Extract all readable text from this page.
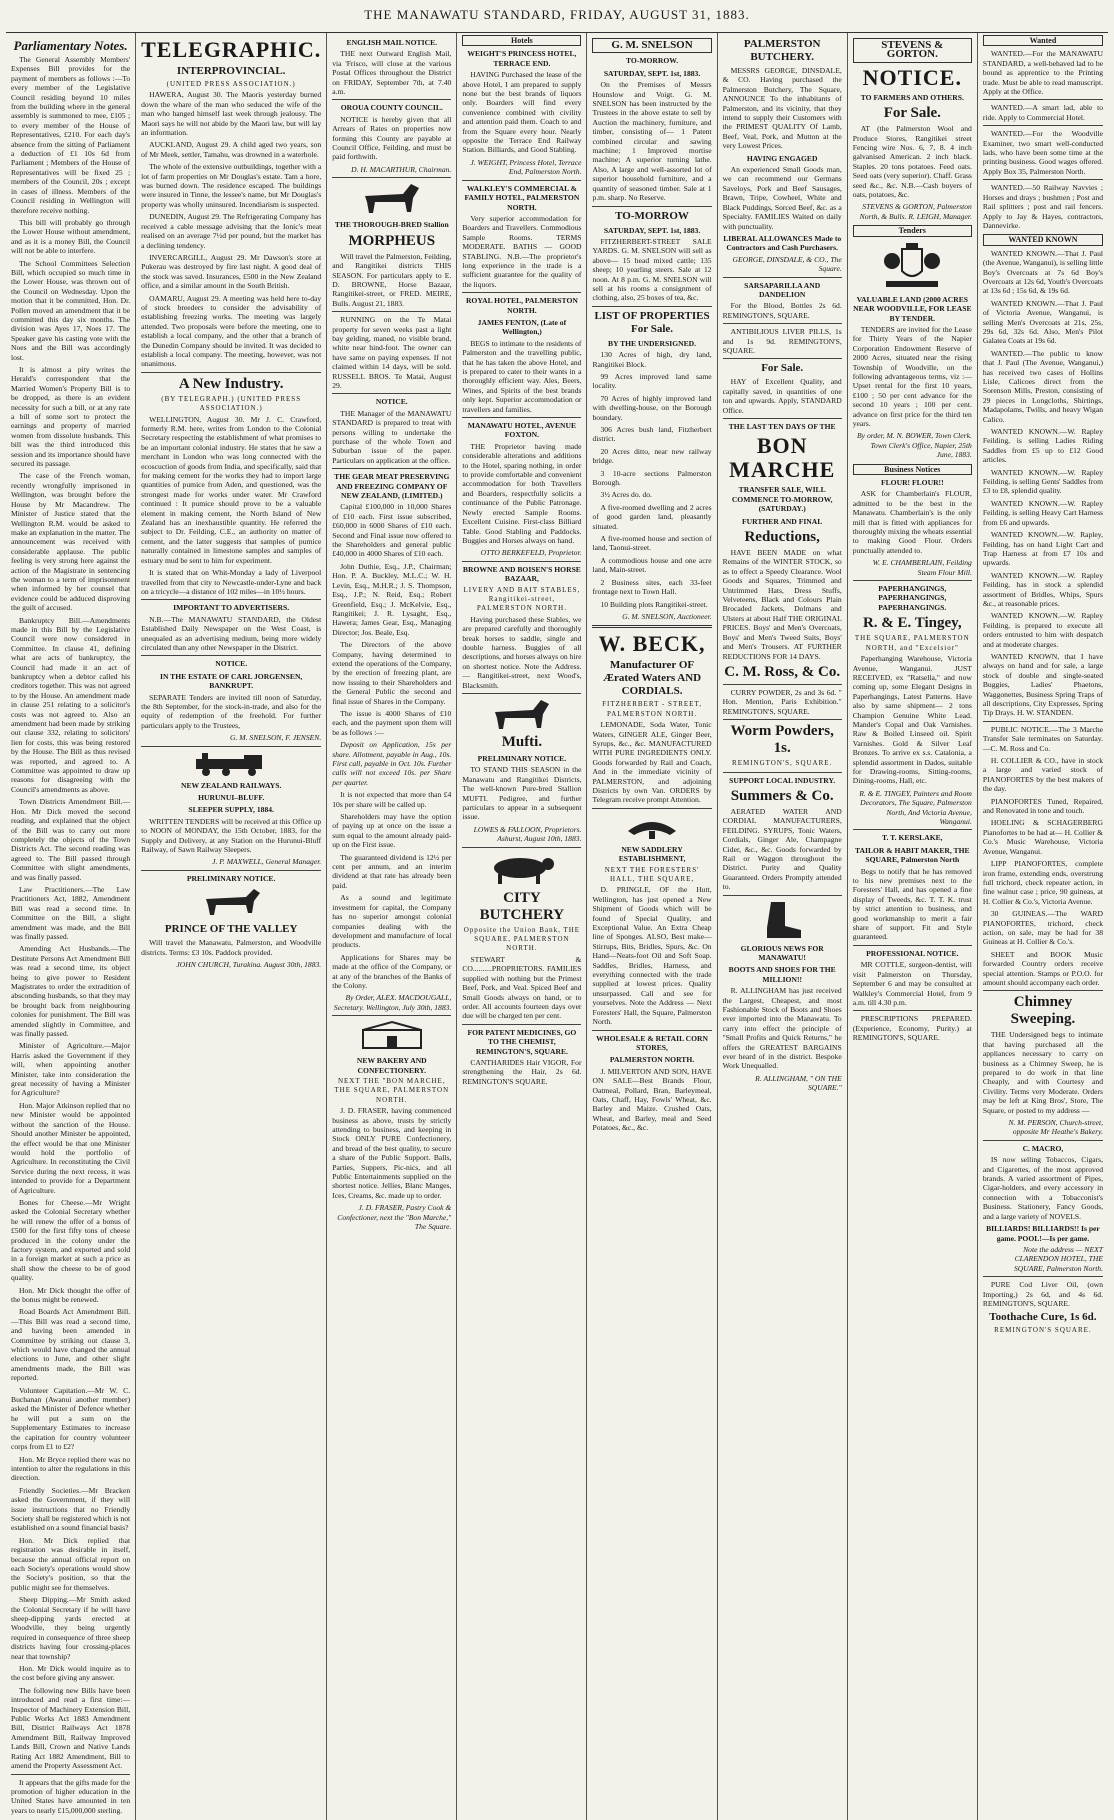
THE MANAWATU STANDARD, FRIDAY, AUGUST 31, 1883.
Parliamentary Notes.

The General Assembly Members' Expenses Bill provides for the payment of members as follows :—To every member of the Legislative Council residing beyond 10 miles from the building where in the general assembly is summoned to mee, £105 ; to every member of the House of Representatives, £210. For each day's absence from the sitting of Parliament a deduction of £1 10s 6d from Parliament ; Members of the House of Representatives will be fixed 25 ; members of the Council, 20s ; except in cases of illness. Members of the Council residing in Wellington will therefore receive nothing.

This bill will probably go through the Lower House without amendment, and as it is a money Bill, the Council will not be able to interfere.

The School Committees Selection Bill, which occupied so much time in the Lower House, was thrown out of the Council on Wednesday. Upon the motion that it be committed, Hon. Dr. Pollen moved an amendment that it be committed this day six months. The division was Ayes 17, Noes 17. The Speaker gave his casting vote with the Noes and the Bill was accordingly lost.

It is almost a pity writes the Herald's correspondent that the Married Women's Property Bill is to be dropped, as there is an evident necessity for such a bill, or at any rate a bill of some sort to protect the earnings and property of married women from dissolute husbands. This bill was the third introduced this session and its importance should have secured its passage.

The case of the French woman, recently wrongfully imprisoned in Wellington, was brought before the House by Mr Macandrew. The Minister of Justice stated that the Wellington R.M. would be asked to make an explanation in the matter. The announcement was received with considerable applause. The public feeling is very strong here against the action of the Magistrate in sentencing the woman to a term of imprisonment when informed by her counsel that evidence could be adduced disproving the guilt of accused.

Bankruptcy Bill.—Amendments made in this Bill by the Legislative Council were now considered in Committee. In clause 41, defining what are acts of bankruptcy, the Council had made it an act of bankruptcy when a debtor called his creditors together. This was not agreed to by the House. An amendment made in clause 251 relating to a solicitor's costs was not agreed to. Also an amendment had been made by striking out clause 332, relating to solicitors' lien for costs, this was being restored by the House. The Bill as thus revised was reported, and agreed to. A Committee was appointed to draw up reasons for disagreeing with the Council's amendments as above.

Town Districts Amendment Bill.—Hon. Mr Dick moved the second reading, and explained that the object of the Bill was to carry out more completely the objects of the Town Districts Act. The second reading was agreed to. The Bill passed through Committee with slight amendments, and was finally passed.

Law Practitioners.—The Law Practitioners Act, 1882, Amendment Bill was read a second time. In Committee on the Bill, a slight amendment was made, and the Bill was finally passed.

Amending Act Husbands.—The Destitute Persons Act Amendment Bill was read a second time, its object being to give power to Resident Magistrates to order the extradition of absconding husbands, so that they may be brought back from neighbouring colonies for punishment. The Bill was amended slightly in Committee, and was finally passed.

Minister of Agriculture.—Major Harris asked the Government if they will, when appointing another Minister, take into consideration the great necessity of having a Minister for Agriculture?

Hon. Major Atkinson replied that no new Minister would be appointed without the sanction of the House. Should another Minister be appointed, the effect would be that one Minister would hold the portfolio of Agriculture. In reconstituting the Civil Service during the next recess, it was intended to provide for a Department of Agriculture.

Bones for Cheese.—Mr Wright asked the Colonial Secretary whether he will renew the offer of a bonus of £500 for the first fifty tons of cheese produced in the colony under the factory system, and exported and sold in a foreign market at such a price as shall show the cheese to be of good quality.

Hon. Mr Dick thought the offer of the bonus might be renewed.

Road Boards Act Amendment Bill.—This Bill was read a second time, and having been amended in Committee by striking out clause 3, which would have changed the annual elections to June, and other slight amendments made, the Bill was reported.

Volunteer Capitation.—Mr W. C. Buchanan (Awanui another member) asked the Minister of Defence whether he will put a sum on the Supplementary Estimates to increase the capitation for country volunteer corps from £1 to £2?

Hon. Mr Bryce replied there was no intention to alter the regulations in this direction.

Friendly Societies.—Mr Bracken asked the Government, if they will issue instructions that no Friendly Society shall be registered which is not established on a sound financial basis?

Hon. Mr Dick replied that registration was desirable in itself, because the annual official report on each Society's operations would show the Society's position, so that the public might see for themselves.

Sheep Dipping.—Mr Smith asked the Colonial Secretary if he will have sheep-dipping yards erected at Woodville, they being urgently required in consequence of three sheep districts having four crossing-places near that township?

Hon. Mr Dick would inquire as to the cost before giving any answer.

The following new Bills have been introduced and read a first time:—Inspector of Machinery Extension Bill, Public Works Act 1883 Amendment Bill, District Railways Act 1878 Amendment Bill, Railway Improved Lands Bill, Crown and Native Lands Rating Act 1882 Amendment, Bill to amend the Property Assessment Act.

It appears that the gifts made for the promotion of higher education in the United States have amounted in ten years to nearly £15,000,000 sterling.

TELEGRAPHIC.
INTERPROVINCIAL.
(UNITED PRESS ASSOCIATION.)

HAWERA, August 30. The Maoris yesterday burned down the whare of the man who seduced the wife of the man who hanged himself last week through jealousy. The Maori says he will not abide by the Maori law, but will lay an information.

AUCKLAND, August 29. A child aged two years, son of Mr Meek, settler, Tamahu, was drowned in a waterhole.

The whole of the extensive outbuildings, together with a lot of farm properties on Mr Douglas's estate. Tam a hore, was burned down. The residence escaped. The buildings were insured in Tinne, the lessee's name, but Mr Douglas's property was wholly uninsured. Incendiarism is suspected.

DUNEDIN, August 29. The Refrigerating Company has received a cable message advising that the Ionic's meat realised on an average 7½d per pound, but the market has a declining tendency.

INVERCARGILL, August 29. Mr Dawson's store at Pukerau was destroyed by fire last night. A good deal of the stock was saved. Insurances, £500 in the New Zealand office, and a similar amount in the South British.

OAMARU, August 29. A meeting was held here to-day of stock breeders to consider the advisability of establishing freezing works. The meeting was largely attended. Two proposals were before the meeting, one to establish a local company, and the other that a branch of the Dunedin Company should be invited. It was decided to establish a local company. The meeting, however, was not unanimous.

A New Industry.
(BY TELEGRAPH.) (UNITED PRESS ASSOCIATION.)

WELLINGTON, August 30. Mr J. C. Crawford, formerly R.M. here, writes from London to the Colonial Secretary respecting the establishment of what promises to be an important colonial industry. He states that he saw a merchant in London who was long connected with the ecoscuction of goods from India, and specifically, said that for making cement for the works they had to import large quantities of pumice from Aden, and questioned, was the strongest made for works under water. Mr Crawford continued : It pumice should prove to be a valuable element in making cement, the North Island of New Zealand has an inexhaustible quantity. He referred the subject to Dr. Feilding, C.E., an authority on matter of cement, and the latter suggests that samples of pumice naturally contained in limestone samples and samples of estuary mud be sent to him for experiment.

It is stated that on Whit-Monday a lady of Liverpool travelled from that city to Newcastle-under-Lyne and back on a tricycle—a distance of 102 miles—in 10½ hours.

IMPORTANT TO ADVERTISERS.

N.B.—The MANAWATU STANDARD, the Oldest Established Daily Newspaper on the West Coast, is unequaled as an advertising medium, being more widely circulated than any other Newspaper in the District.

NOTICE.
IN THE ESTATE OF CARL JORGENSEN, BANKRUPT.

SEPARATE Tenders are invited till noon of Saturday, the 8th September, for the stock-in-trade, and also for the equity of redemption of the freehold. For further particulars apply to the Trustees,

G. M. SNELSON, F. JENSEN.
NEW ZEALAND RAILWAYS.
HURUNUI–BLUFF.
SLEEPER SUPPLY, 1884.

WRITTEN TENDERS will be received at this Office up to NOON of MONDAY, the 15th October, 1883, for the Supply and Delivery, at any Station on the Hurunui-Bluff Railway, of Sawn Railway Sleepers.

J. P. MAXWELL, General Manager.
PRELIMINARY NOTICE.
PRINCE OF THE VALLEY

Will travel the Manawatu, Palmerston, and Woodville districts. Terms: £3 10s. Paddock provided.

JOHN CHURCH, Turakina. August 30th, 1883.
ENGLISH MAIL NOTICE.

THE next Outward English Mail, via 'Frisco, will close at the various Postal Offices throughout the District on FRIDAY, September 7th, at 7.40 a.m.

OROUA COUNTY COUNCIL.

NOTICE is hereby given that all Arrears of Rates on properties now forming this County are payable at Council Office, Feilding, and must be paid forthwith.

D. H. MACARTHUR, Chairman.
THE THOROUGH-BRED Stallion
MORPHEUS

Will travel the Palmerston, Feilding, and Rangitikei districts THIS SEASON. For particulars apply to E. D. BROWNE, Horse Bazaar, Rangitikei-street, or FRED. MEIRE, Bulls. August 21, 1883.

RUNNING on the Te Matai property for seven weeks past a light bay gelding, maned, no visible brand, white near hind-foot. The owner can have same on paying expenses. If not claimed within 14 days, will be sold. RUSSELL BROS. Te Matai, August 29.

NOTICE.

THE Manager of the MANAWATU STANDARD is prepared to treat with persons willing to undertake the purchase of the whole Town and Suburban issue of the paper. Particulars on application at the office.

THE GEAR MEAT PRESERVING AND FREEZING COMPANY OF NEW ZEALAND, (LIMITED.)

Capital £100,000 in 10,000 Shares of £10 each. First issue subscribed, £60,000 in 6000 Shares of £10 each. Second and Final issue now offered to the Shareholders and general public £40,000 in 4000 Shares of £10 each.

John Duthie, Esq., J.P., Chairman; Hon. P. A. Buckley, M.L.C.; W. H. Levin, Esq., M.H.R.; J. S. Thompson, Esq., J.P.; N. Reid, Esq.; Robert Greenfield, Esq.; J. McKelvie, Esq., Rangitikei; J. R. Lysaght, Esq., Hawera; James Gear, Esq., Managing Director; Jos. Beale, Esq.

The Directors of the above Company, having determined to extend the operations of the Company, by the erection of freezing plant, are now issuing to their Shareholders and the General Public the second and final issue of Shares in the Company.

The issue is 4000 Shares of £10 each, and the payment upon them will be as follows :—

Deposit on Application, 15s per share. Allotment, payable in Aug., 10s. First call, payable in Oct. 10s. Further calls will not exceed 10s. per Share per quarter.

It is not expected that more than £4 10s per share will be called up.

Shareholders may have the option of paying up at once on the issue a sum equal to the amount already paid-up on the First issue.

The guaranteed dividend is 12½ per cent per annum, and an interim dividend at that rate has already been paid.

As a sound and legitimate investment for capital, the Company has no superior amongst colonial companies dealing with the development and manufacture of local products.

Applications for Shares may be made at the office of the Company, or at any of the branches of the Banks of the Colony.

By Order, ALEX. MACDOUGALL, Secretary. Wellington, July 30th, 1883.
NEW BAKERY AND CONFECTIONERY.
NEXT THE "BON MARCHE, THE SQUARE, PALMERSTON NORTH.

J. D. FRASER, having commenced business as above, trusts by strictly attending to business, and keeping in Stock ONLY PURE Confectionery, and bread of the best quality, to secure a share of the Public Support. Balls, Parties, Suppers, Pic-nics, and all Public Entertainments supplied on the shortest notice. Jellies, Blanc Manges, Ices, Creams, &c. made up to order.

J. D. FRASER, Pastry Cook & Confectioner, next the "Bon Marche," The Square.
Hotels
WEIGHT'S PRINCESS HOTEL, TERRACE END.

HAVING Purchased the lease of the above Hotel, I am prepared to supply none but the best brands of liquors only. Boarders will find every convenience combined with civility and attention paid them. Coach to and from the Square every hour. Nearly opposite the Terrace End Railway Station. Billiards, and Good Stabling.

J. WEIGHT, Princess Hotel, Terrace End, Palmerston North.
WALKLEY'S COMMERCIAL & FAMILY HOTEL, PALMERSTON NORTH.

Very superior accommodation for Boarders and Travellers. Commodious Sample Rooms. TERMS MODERATE. BATHS — GOOD STABLING. N.B.—The proprietor's long experience in the trade is a sufficient guarantee for the quality of the liquors.

ROYAL HOTEL, PALMERSTON NORTH.
JAMES FENTON, (Late of Wellington,)

BEGS to intimate to the residents of Palmerston and the travelling public, that he has taken the above Hotel, and is prepared to cater to their wants in a thoroughly efficient way. Ales, Beers, Wines, and Spirits of the best brands only kept. Superior accommodation or travellers and families.

MANAWATU HOTEL, AVENUE FOXTON.

THE Proprietor having made considerable alterations and additions to the Hotel, sparing nothing, in order to provide comfortable and convenient accommodation for both Travellers and Boarders, respectfully solicits a continuance of the Public Patronage. Newly erected Sample Rooms. Excellent Cuisine. First-class Billiard Table. Good Stabling and Paddocks. Buggies and Horses always on hand.

OTTO BERKEFELD, Proprietor.
BROWNE AND BOISEN'S HORSE BAZAAR,
LIVERY AND BAIT STABLES, Rangitikei-street, PALMERSTON NORTH.

Having purchased these Stables, we are prepared carefully and thoroughly break horses to saddle, single and double harness. Buggies of all descriptions, and horses always on hire on shortest notice. Note the Address.— Rangitikei-street, next Wood's, Blacksmith.

Mufti.
PRELIMINARY NOTICE.

TO STAND THIS SEASON in the Manawatu and Rangitikei Districts, The well-known Pure-bred Stallion MUFTI. Pedigree, and further particulars to appear in a subsequent issue.

LOWES & FALLOON, Proprietors. Ashurst, August 10th, 1883.
CITY BUTCHERY
Opposite the Union Bank, THE SQUARE, PALMERSTON NORTH.

STEWART & CO..........PROPRIETORS. FAMILIES supplied with nothing but the Primest Beef, Pork, and Veal. Spiced Beef and Small Goods always on hand, or to order. All accounts fourteen days over due will be charged ten per cent.

FOR PATENT MEDICINES, GO TO THE CHEMIST, REMINGTON'S, SQUARE.

CANTHARIDES Hair VIGOR, For strengthening the Hair, 2s 6d. REMINGTON'S SQUARE.

G. M. SNELSON
TO-MORROW.
SATURDAY, SEPT. 1st, 1883.

On the Premises of Messrs Hounslow and Voigt. G. M. SNELSON has been instructed by the Trustees in the above estate to sell by Auction the machinery, furniture, and timber, consisting of— 1 Patent combined circular and sawing machine; 1 Improved mortise machine; A superior turning lathe. Also, A large and well-assorted lot of superior household furniture, and a quantity of seasoned timber. Sale at 1 p.m. sharp. No Reserve.

TO-MORROW
SATURDAY, SEPT. 1st, 1883.

FITZHERBERT-STREET SALE YARDS. G. M. SNELSON will sell as above— 15 head mixed cattle; 135 sheep; 10 yearling steers. Sale at 12 noon. At 8 p.m. G. M. SNELSON will sell at his rooms a consignment of clothing, also, 25 boxes of tea, &c.

LIST OF PROPERTIES For Sale.
BY THE UNDERSIGNED.

130 Acres of high, dry land, Rangitikei Block.

99 Acres improved land same locality.

70 Acres of highly improved land with dwelling-house, on the Borough boundary.

306 Acres bush land, Fitzherbert district.

20 Acres ditto, near new railway bridge.

3 10-acre sections Palmerston Borough.

3½ Acres do. do.

A five-roomed dwelling and 2 acres of good garden land, pleasantly situated.

A five-roomed house and section of land, Taonui-street.

A commodious house and one acre land, Main-street.

2 Business sites, each 33-feet frontage next to Town Hall.

10 Building plots Rangitikei-street.

G. M. SNELSON, Auctioneer.
W. BECK,
Manufacturer OF Ærated Waters AND CORDIALS.
FITZHERBERT - STREET, PALMERSTON NORTH.

LEMONADE, Soda Water, Tonic Waters, GINGER ALE, Ginger Beer, Syrups, &c., &c. MANUFACTURED WITH PURE INGREDIENTS ONLY. Goods forwarded by Rail and Coach, And in the immediate vicinity of PALMERSTON, and adjoining Districts by own Van. ORDERS by Telegram receive prompt Attention.

NEW SADDLERY ESTABLISHMENT,
NEXT THE FORESTERS' HALL, THE SQUARE,

D. PRINGLE, OF the Hutt, Wellington, has just opened a New Shipment of Goods which will be found of Special Quality, and Exceptional Value. An Extra Cheap line of Sponges. ALSO, Best make—Stirrups, Bits, Bridles, Spurs, &c. On Hand—Neats-foot Oil and Soft Soap. Saddles, Bridles, Harness, and everything connected with the trade supplied at lowest prices. Quality unsurpassed. Call and see for yourselves. Note the Address — Next Foresters' Hall, the Square, Palmerston North.

WHOLESALE & RETAIL CORN STORES,
PALMERSTON NORTH.

J. MILVERTON AND SON, HAVE ON SALE—Best Brands Flour, Oatmeal, Pollard, Bran, Barleymeal, Oats, Chaff, Hay, Fowls' Wheat, &c. Barley and Maize. Crushed Oats, Wheat, and Barley, meal and Seed Potatoes, &c., &c.

PALMERSTON BUTCHERY.

MESSRS GEORGE, DINSDALE, & CO. Having purchased the Palmerston Butchery, The Square, ANNOUNCE To the inhabitants of Palmerston, and its vicinity, that they intend to supply their Customers with the PRIMEST QUALITY Of Lamb, Beef, Veal, Pork, and Mutton at the very Lowest Prices.

HAVING ENGAGED

An experienced Small Goods man, we can recommend our Germans Saveloys, Pork and Beef Sausages, Brawn, Tripe, Cowheel, White and Black Puddings, Sorced Beef, &c. as a Specialty. FAMILIES Waited on daily with punctuality.

LIBERAL ALLOWANCES Made to Contractors and Cash Purchasers.
GEORGE, DINSDALE, & CO., The Square.
SARSAPARILLA AND DANDELION

For the Blood, Bottles 2s 6d. REMINGTON'S, SQUARE.

ANTIBILIOUS LIVER PILLS, 1s and 1s 9d. REMINGTON'S, SQUARE.

For Sale.

HAY of Excellent Quality, and capitally saved, in quantities of one ton and upwards. Apply, STANDARD Office.

THE LAST TEN DAYS OF THE
BON MARCHE
TRANSFER SALE, WILL COMMENCE TO-MORROW, (SATURDAY.)
FURTHER AND FINAL
Reductions,

HAVE BEEN MADE on what Remains of the WINTER STOCK, so as to effect a Speedy Clearance. Wool Goods and Squares, Trimmed and Untrimmed Hats, Dress Stuffs, Velveteens, Black and Colours Plain Brocaded Jackets, Dolmans and Ulsters at about Half THE ORIGINAL PRICES. Boys' and Men's Overcoats, Boys' and Men's Tweed Suits, Boys' and Men's Trousers. AT FURTHER REDUCTIONS FOR 14 DAYS.

C. M. Ross, & Co.

CURRY POWDER, 2s and 3s 6d. " Hon. Mention, Paris Exhibition." REMINGTON'S, SQUARE.

Worm Powders, 1s.
REMINGTON'S, SQUARE.
SUPPORT LOCAL INDUSTRY.
Summers & Co.

AERATED WATER AND CORDIAL MANUFACTURERS, FEILDING. SYRUPS, Tonic Waters, Cordials, Ginger Ale, Champagne Cider, &c., &c. Goods forwarded by Rail or Waggon throughout the District. Purity and Quality Guaranteed. Orders Promptly attended to.

GLORIOUS NEWS FOR MANAWATU!
BOOTS AND SHOES FOR THE MILLION!!

R. ALLINGHAM has just received the Largest, Cheapest, and most Fashionable Stock of Boots and Shoes ever imported into the Manawatu. To carry into effect the principle of "Small Profits and Quick Returns," he offers the GREATEST BARGAINS ever heard of in the district. Bespoke Work Unequalled.

R. ALLINGHAM, " ON THE SQUARE."
STEVENS & GORTON.
NOTICE.
TO FARMERS AND OTHERS.
For Sale.

AT (the Palmerston Wool and Produce Stores, Rangitikei street Fencing wire Nos. 6, 7, 8. 4 inch galvanised American. 2 inch black. Staples. 20 tons potatoes. Feed oats. Seed oats (very superior). Chaff. Grass seed &c., &c. N.B.—Cash buyers of oats, potatoes, &c.

STEVENS & GORTON, Palmerston North, & Bulls. R. LEIGH, Manager.
Tenders
VALUABLE LAND (2000 ACRES NEAR WOODVILLE, FOR LEASE BY TENDER.

TENDERS are invited for the Lease for Thirty Years of the Napier Corporation Endowment Reserve of 2000 Acres, situated near the rising Township of Woodville, on the following advantageous terms, viz :— Upset rental for the first 10 years, £100 ; 50 per cent advance for the second 10 years ; 100 per cent. advance on first price for the third ten years.

By order, M. N. BOWER, Town Clerk. Town Clerk's Office, Napier, 25th June, 1883.
Business Notices
FLOUR! FLOUR!!

ASK for Chamberlain's FLOUR, admitted to be the best in the Manawatu. Chamberlain's is the only mill that is fitted with appliances for thoroughly mixing the wheats essential to making Good Flour. Orders punctually attended to.

W. E. CHAMBERLAIN, Feilding Steam Flour Mill.
PAPERHANGINGS, PAPERHANGINGS, PAPERHANGINGS.
R. & E. Tingey,
THE SQUARE, PALMERSTON NORTH, and "Excelsior"

Paperhanging Warehouse, Victoria Avenue, Wanganui. JUST RECEIVED, ex "Ratsella," and now coming up, some Elegant Designs in Paperhangings, Latest Patterns. Have also by same shipment— 2 tons Champion Genuine White Lead. Mander's Copal and Oak Varnishes. Raw & Boiled Linseed oil. Spirit Varnishes. Gold & Silver Leaf Bronzes. To arrive ex s.s. Catalonia, a splendid assortment in Dados, suitable for Drawing-rooms, Sitting-rooms, Dining-rooms, Hall, etc.

R. & E. TINGEY, Painters and Room Decorators, The Square, Palmerston North, And Victoria Avenue, Wanganui.
T. T. KERSLAKE,
TAILOR & HABIT MAKER, THE SQUARE, Palmerston North

Begs to notify that he has removed to his new premises next to the Foresters' Hall, and has opened a fine display of Tweeds, &c. T. T. K. trust by strict attention to business, and good workmanship to merit a fair share of support. Fit and Style guaranteed.

PROFESSIONAL NOTICE.

MR COTTLE, surgeon-dentist, will visit Palmerston on Thursday, September 6 and may be consulted at Walkley's Commercial Hotel, from 9 a.m. till 4.30 p.m.

PRESCRIPTIONS PREPARED. (Experience, Economy, Purity.) at REMINGTON'S, SQUARE.

Wanted

WANTED.—For the MANAWATU STANDARD, a well-behaved lad to be bound as apprentice to the Printing trade. Must be able to read manuscript. Apply at the Office.

WANTED.—A smart lad, able to ride. Apply to Commercial Hotel.

WANTED.—For the Woodville Examiner, two smart well-conducted lads, who have been some time at the printing business. Good wages offered. Apply Box 35, Palmerston North.

WANTED.—50 Railway Navvies ; Horses and drays ; bushmen ; Post and Rail splitters ; post and rail fencers. Apply to Jay & Hayes, contractors, Dannevirke.

WANTED KNOWN

WANTED KNOWN.—That J. Paul (the Avenue, Wanganui), is selling little Boy's Overcoats at 7s 6d Boy's Overcoats at 12s 6d, Youth's Overcoats at 13s 6d ; 15s 6d, & 19s 6d.

WANTED KNOWN.—That J. Paul of Victoria Avenue, Wanganui, is selling Men's Overcoats at 21s, 25s, 29s 6d, 32s 6d. Also, Men's Pilot Galatea Coats at 19s 6d.

WANTED.—The public to know that J. Paul (The Avenue, Wanganui,) has received two cases of Hollins Lisle, Calicoes direct from the Sorenson Mills, Preston, consisting of 29 pieces in Longcloths, Shirtings, Madapolams, Twills, and heavy Wigan Calico.

WANTED KNOWN.—W. Rapley Feilding, is selling Ladies Riding Saddles from £5 up to £12 Good articles.

WANTED KNOWN.—W. Rapley Feilding, is selling Gents' Saddles from £3 to £8, splendid quality.

WANTED KNOWN.—W. Rapley Feilding, is selling Heavy Cart Harness from £6 and upwards.

WANTED KNOWN.—W. Rapley, Feilding, has on hand Light Cart and Trap Harness at from £7 10s and upwards.

WANTED KNOWN.—W. Rapley Feilding, has in stock a splendid assortment of Bridles, Whips, Spurs &c., at reasonable prices.

WANTED KNOWN.—W. Rapley Feilding, is prepared to execute all orders entrusted to him with despatch and at moderate charges.

WANTED KNOWN, that I have always on hand and for sale, a large stock of double and single-seated Buggies, Ladies' Phaetons, Waggonettes, Business Spring Traps of all descriptions, City Expresses, Spring Tip Drays. H. W. STANDEN.

PUBLIC NOTICE.—The 3 Marche Transfer Sale terminates on Saturday.—C. M. Ross and Co.

H. COLLIER & CO., have in stock a large and varied stock of PIANOFORTES by the best makers of the day.

PIANOFORTES Tuned, Repaired, and Renovated in tone and touch.

HOELING & SCHAGERBERG Pianofortes to be had at— H. Collier & Co.'s Music Warehouse, Victoria Avenue, Wanganui.

LIPP PIANOFORTES, complete iron frame, extending ends, overstrung full trichord, check repeater action, in fine walnut case ; price, 90 guineas, at H. Collier & Co.'s, Victoria Avenue.

30 GUINEAS.—The WARD PIANOFORTES, trichord, check action, on sale, may be had for 38 Guineas at H. Collier & Co.'s.

SHEET and BOOK Music forwarded Country orders receive special attention. Stamps or P.O.O. for amount should accompany each order.

Chimney Sweeping.

THE Undersigned begs to intimate that having purchased all the appliances necessary to carry on business as a Chimney Sweep, he is prepared to do work in that line Cheaply, and with Courtesy and Civility. Terms very Moderate. Orders may be left at King Bros', Store, The Square, or posted to my address —

N. M. PERSON, Church-street, opposite Mr Heathe's Bakery.
C. MACRO,

IS now selling Tobaccos, Cigars, and Cigarettes, of the most approved brands. A varied assortment of Pipes, Cigar-holders, and every accessory in connection with a Tobacconist's Business. Stationery, Fancy Goods, and a large variety of NOVELS.

BILLIARDS! BILLIARDS!! Is per game. POOL!—Is per game.
Note the address — NEXT CLARENDON HOTEL, THE SQUARE, Palmerston North.

PURE Cod Liver Oil, (own Importing,) 2s 6d, and 4s 6d. REMINGTON'S, SQUARE.

Toothache Cure, 1s 6d.
REMINGTON'S SQUARE.
